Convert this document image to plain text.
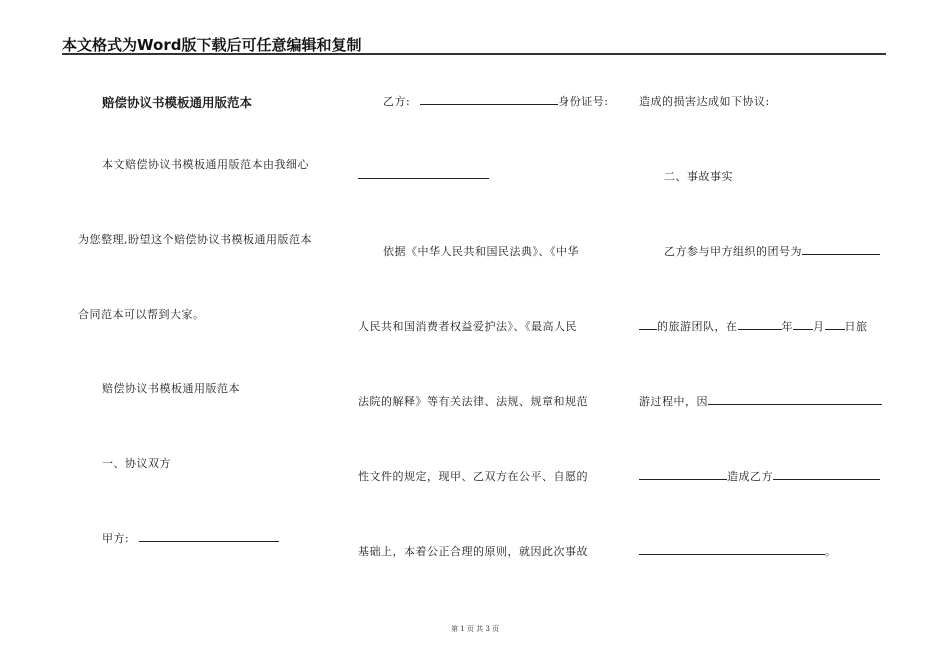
本文格式为Word版下载后可任意编辑和复制
赔偿协议书模板通用版范本
本文赔偿协议书模板通用版范本由我细心
为您整理,盼望这个赔偿协议书模板通用版范本
合同范本可以帮到大家。
赔偿协议书模板通用版范本
一、协议双方
甲方:
乙方:	身份证号:
依据《中华人民共和国民法典》、《中华
人民共和国消费者权益爱护法》、《最高人民
法院的解释》等有关法律、法规、规章和规范
性文件的规定，现甲、乙双方在公平、自愿的
基础上，本着公正合理的原则，就因此次事故
造成的损害达成如下协议:
二、事故事实
乙方参与甲方组织的团号为
的旅游团队，在	年 月 日旅
游过程中，因
造成乙方
。
第 1 页 共 3 页
